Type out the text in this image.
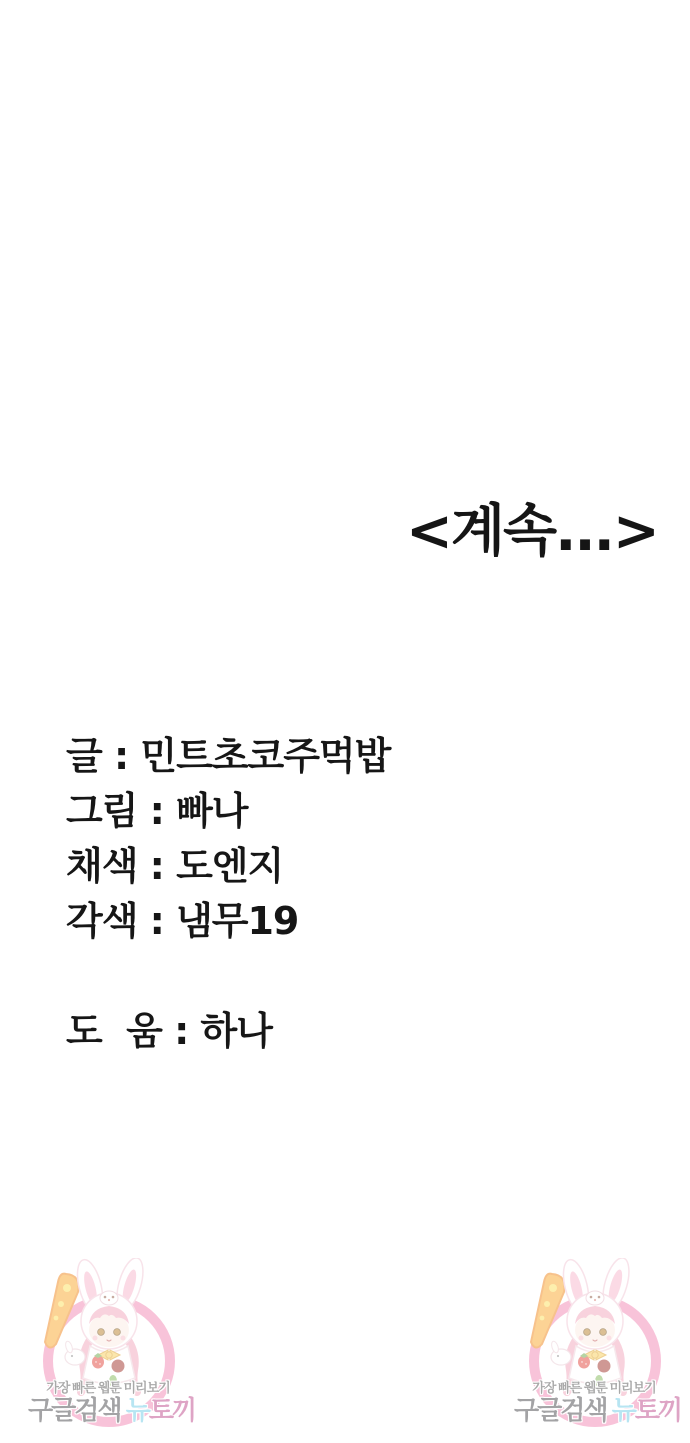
<계속...>
글 : 민트초코주먹밥
그림 : 빠나
채색 : 도엔지
각색 : 냄무19
도  움 : 하나
가장 빠른 웹툰 미리보기
구글검색 뉴토끼
가장 빠른 웹툰 미리보기
구글검색 뉴토끼
